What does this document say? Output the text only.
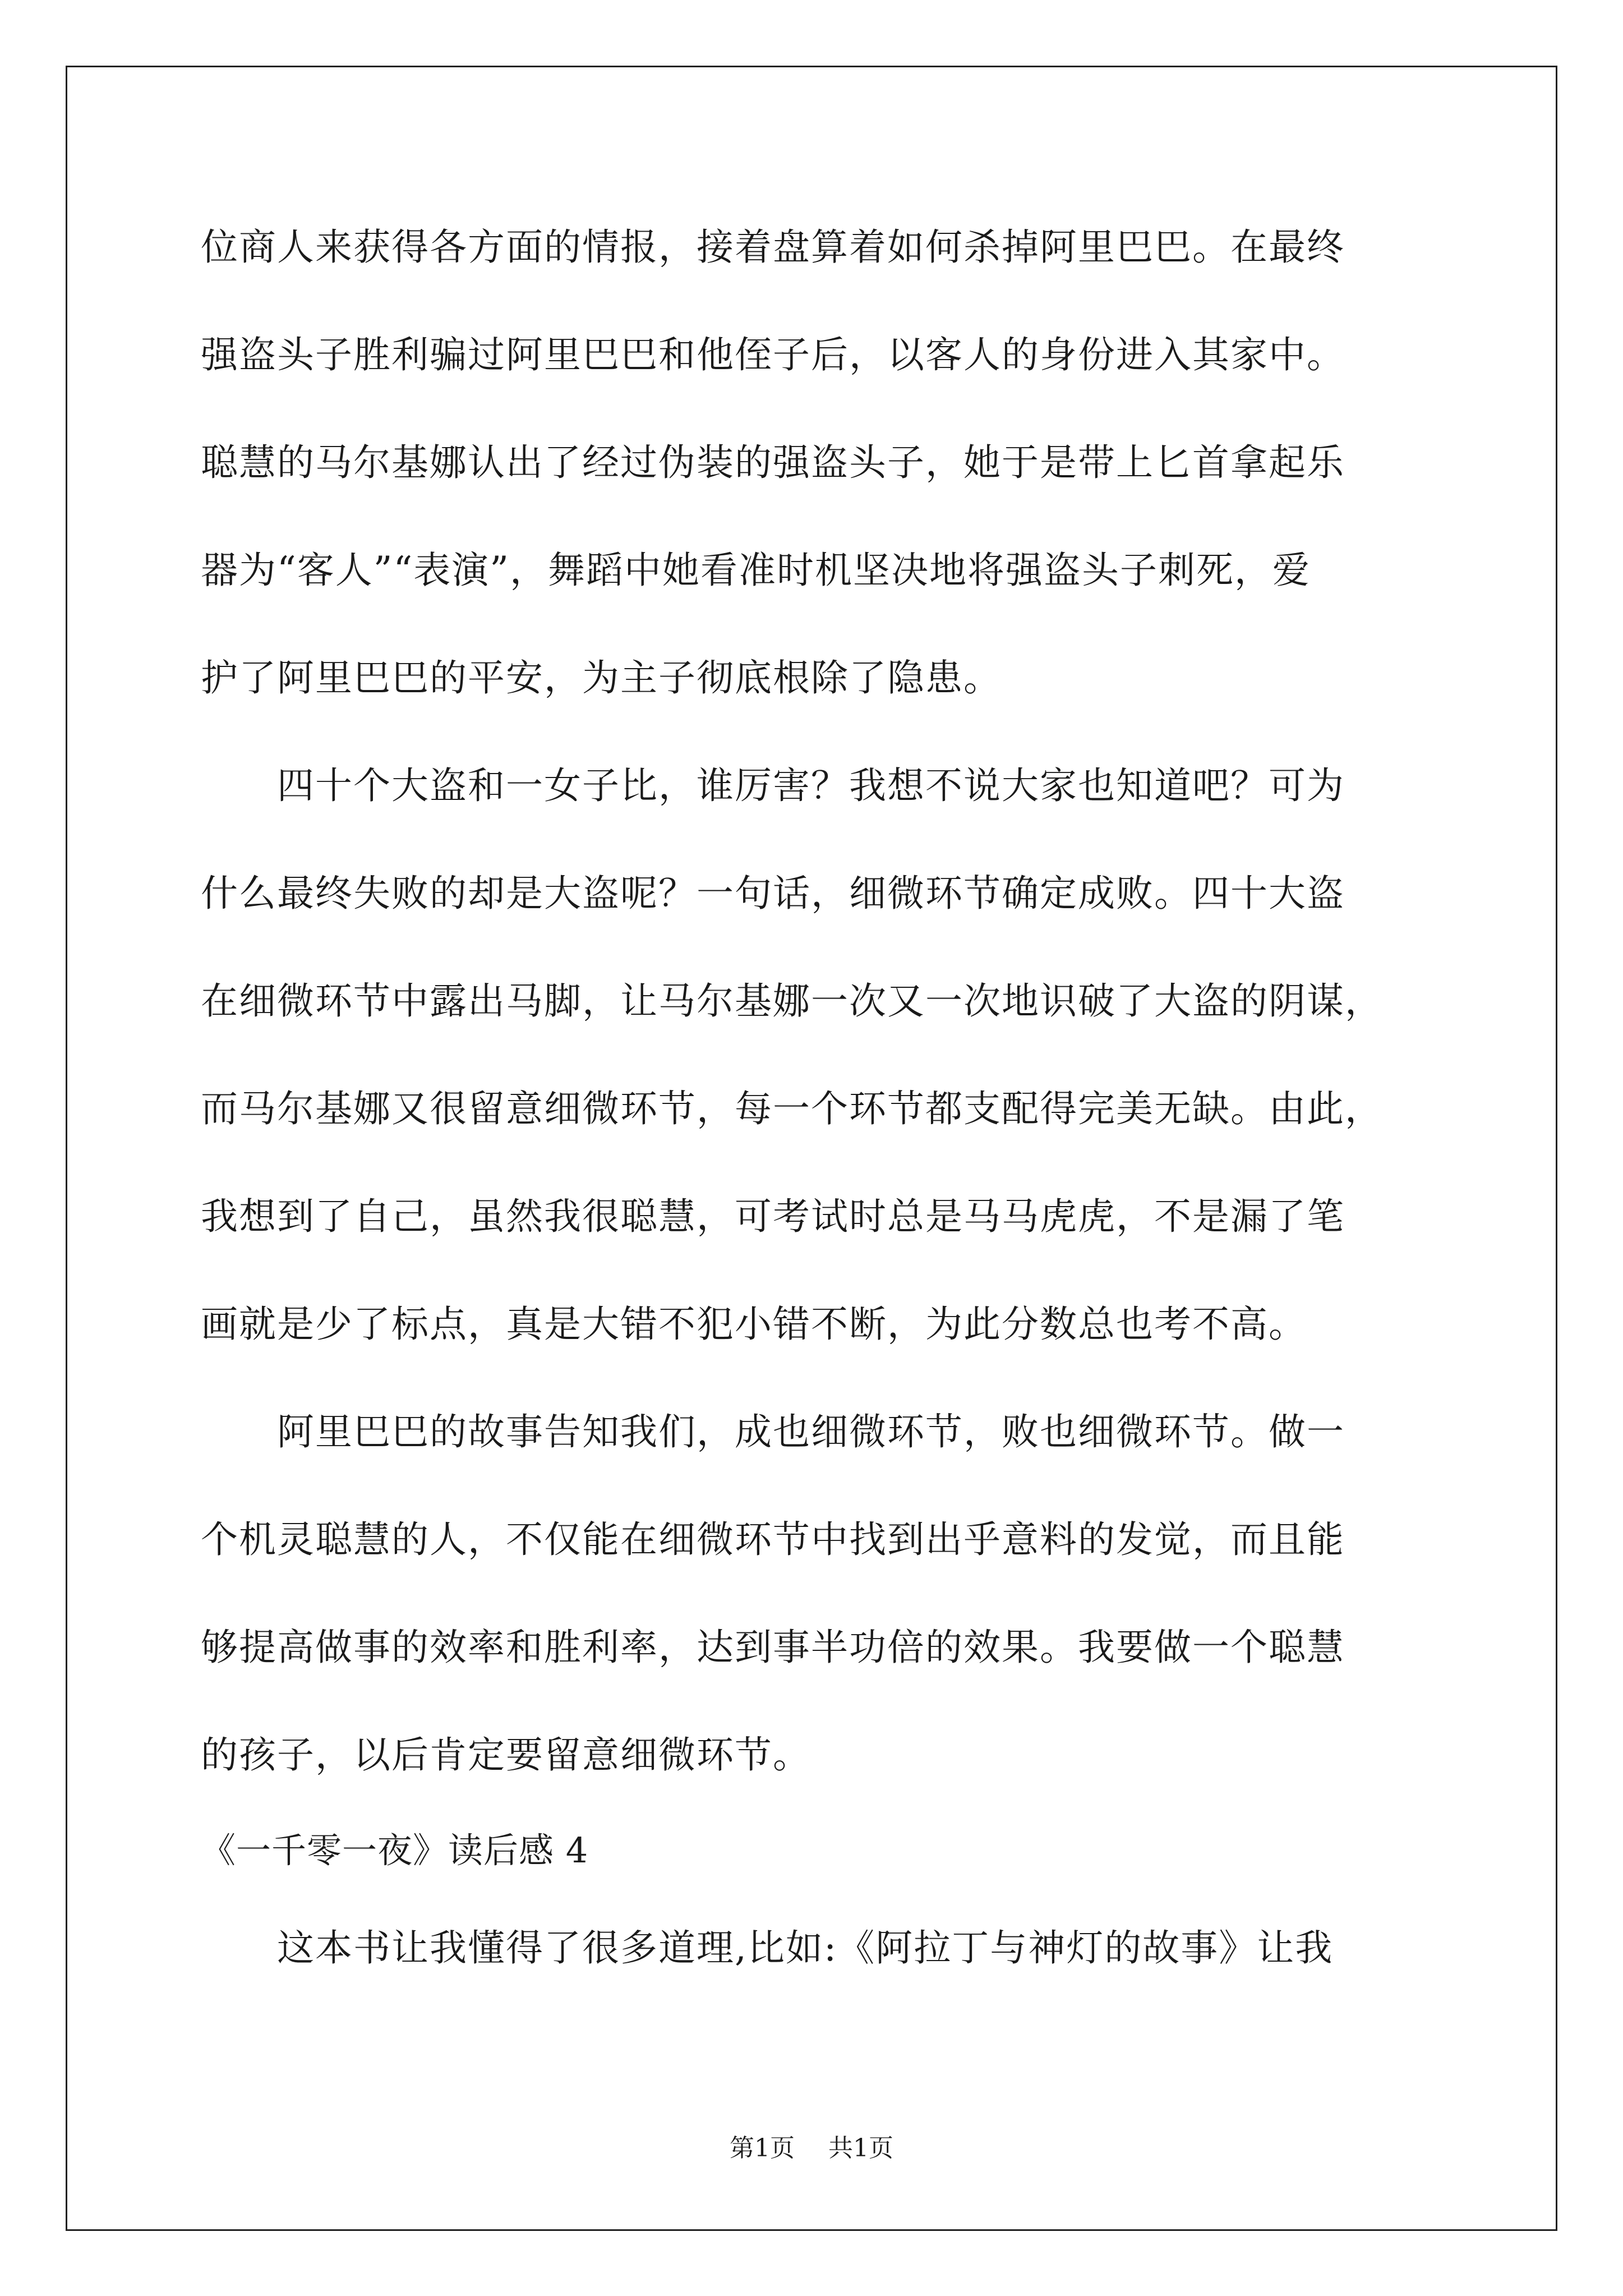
位商人来获得各方面的情报，接着盘算着如何杀掉阿里巴巴。在最终
强盗头子胜利骗过阿里巴巴和他侄子后，以客人的身份进入其家中。
聪慧的马尔基娜认出了经过伪装的强盗头子，她于是带上匕首拿起乐
器为“客人”“表演”，舞蹈中她看准时机坚决地将强盗头子刺死，爱
护了阿里巴巴的平安，为主子彻底根除了隐患。
　　四十个大盗和一女子比，谁厉害？我想不说大家也知道吧？可为
什么最终失败的却是大盗呢？一句话，细微环节确定成败。四十大盗
在细微环节中露出马脚，让马尔基娜一次又一次地识破了大盗的阴谋，
而马尔基娜又很留意细微环节，每一个环节都支配得完美无缺。由此，
我想到了自己，虽然我很聪慧，可考试时总是马马虎虎，不是漏了笔
画就是少了标点，真是大错不犯小错不断，为此分数总也考不高。
　　阿里巴巴的故事告知我们，成也细微环节，败也细微环节。做一
个机灵聪慧的人，不仅能在细微环节中找到出乎意料的发觉，而且能
够提高做事的效率和胜利率，达到事半功倍的效果。我要做一个聪慧
的孩子，以后肯定要留意细微环节。
《一千零一夜》读后感 4
　　这本书让我懂得了很多道理,比如:《阿拉丁与神灯的故事》让我
第1页 共1页
